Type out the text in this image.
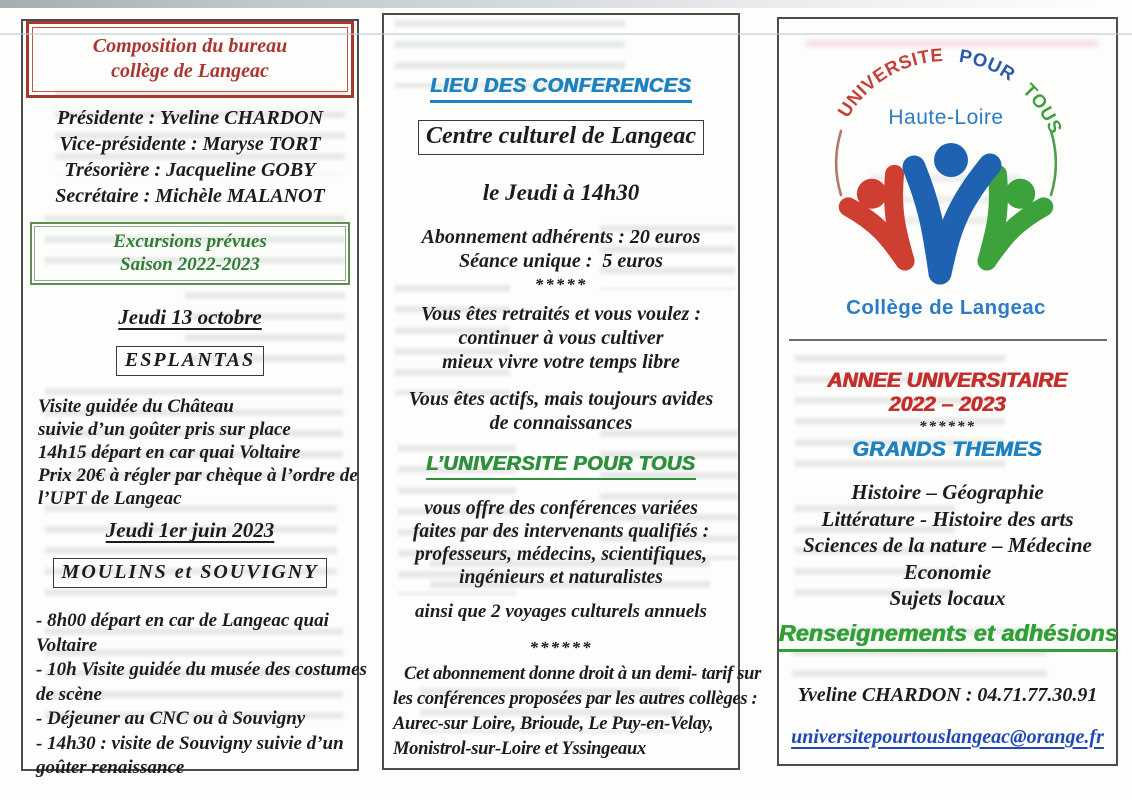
Composition du bureau
collège de Langeac
Présidente : Yveline CHARDON
Vice-présidente : Maryse TORT
Trésorière : Jacqueline GOBY
Secrétaire : Michèle MALANOT
Excursions prévues
Saison 2022-2023
Jeudi 13 octobre
ESPLANTAS
Visite guidée du Château
suivie d’un goûter pris sur place
14h15 départ en car quai Voltaire
Prix 20€ à régler par chèque à l’ordre de
l’UPT de Langeac
Jeudi 1er juin 2023
MOULINS et SOUVIGNY
- 8h00 départ en car de Langeac quai
Voltaire
- 10h Visite guidée du musée des costumes
de scène
- Déjeuner au CNC ou à Souvigny
- 14h30 : visite de Souvigny suivie d’un
goûter renaissance
LIEU DES CONFERENCES
Centre culturel de Langeac
le Jeudi à 14h30
Abonnement adhérents : 20 euros
Séance unique :  5 euros
*****
Vous êtes retraités et vous voulez :
continuer à vous cultiver
mieux vivre votre temps libre
Vous êtes actifs, mais toujours avides
de connaissances
L’UNIVERSITE POUR TOUS
vous offre des conférences variées
faites par des intervenants qualifiés :
professeurs, médecins, scientifiques,
ingénieurs et naturalistes
ainsi que 2 voyages culturels annuels
******
Cet abonnement donne droit à un demi- tarif sur
les conférences proposées par les autres collèges :
Aurec-sur Loire, Brioude, Le Puy-en-Velay,
Monistrol-sur-Loire et Yssingeaux
UNIVERSITE POUR TOUS
Haute-Loire
Collège de Langeac
ANNEE UNIVERSITAIRE
2022 – 2023
******
GRANDS THEMES
Histoire – Géographie
Littérature - Histoire des arts
Sciences de la nature – Médecine
Economie
Sujets locaux
Renseignements et adhésions
Yveline CHARDON : 04.71.77.30.91
universitepourtouslangeac@orange.fr
